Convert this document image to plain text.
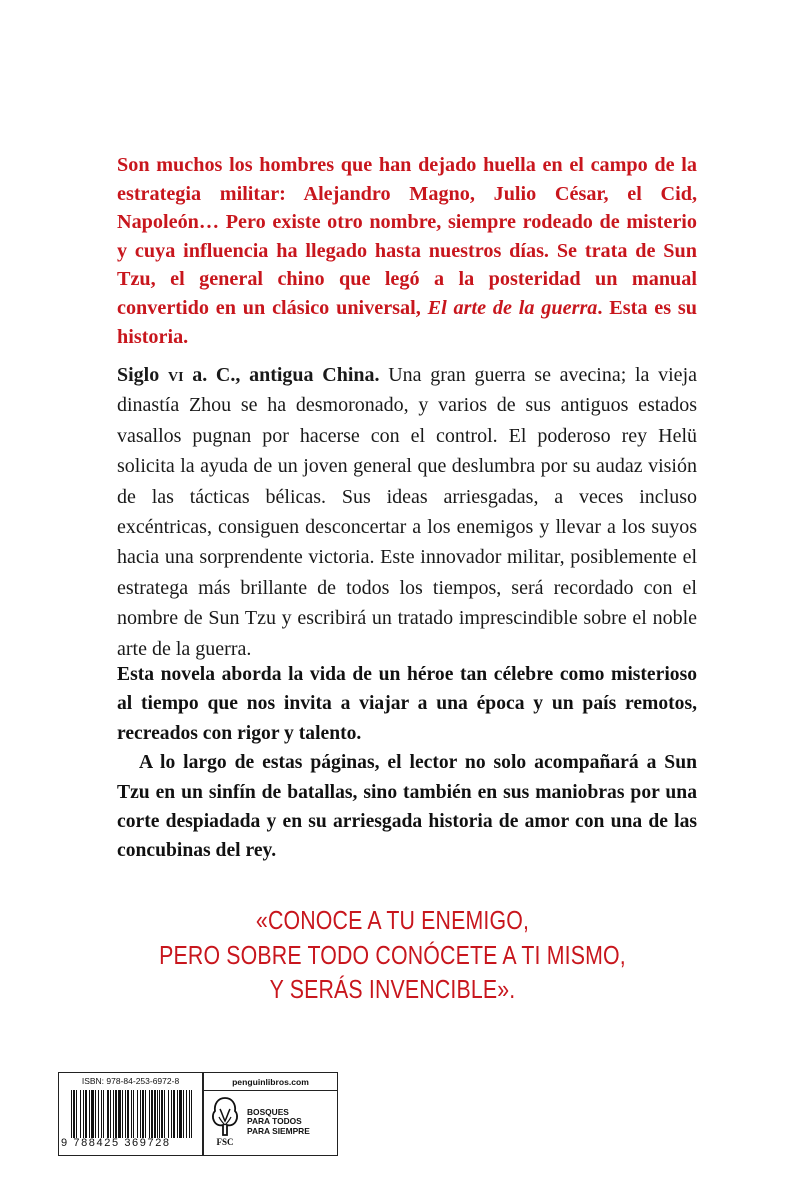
Son muchos los hombres que han dejado huella en el campo de la estrategia militar: Alejandro Magno, Julio César, el Cid, Napoleón… Pero existe otro nombre, siempre rodeado de misterio y cuya influencia ha llegado hasta nuestros días. Se trata de Sun Tzu, el general chino que legó a la posteridad un manual convertido en un clásico universal, El arte de la guerra. Esta es su historia.

Siglo vi a. C., antigua China. Una gran guerra se avecina; la vieja dinastía Zhou se ha desmoronado, y varios de sus antiguos estados vasallos pugnan por hacerse con el control. El poderoso rey Helü solicita la ayuda de un joven general que deslumbra por su audaz visión de las tácticas bélicas. Sus ideas arriesgadas, a veces incluso excéntricas, consiguen desconcertar a los enemigos y llevar a los suyos hacia una sorprendente victoria. Este innovador militar, posiblemente el estratega más brillante de todos los tiempos, será recordado con el nombre de Sun Tzu y escribirá un tratado imprescindible sobre el noble arte de la guerra.

Esta novela aborda la vida de un héroe tan célebre como misterioso al tiempo que nos invita a viajar a una época y un país remotos, recreados con rigor y talento.

A lo largo de estas páginas, el lector no solo acompañará a Sun Tzu en un sinfín de batallas, sino también en sus maniobras por una corte despiadada y en su arriesgada historia de amor con una de las concubinas del rey.

«CONOCE A TU ENEMIGO,
PERO SOBRE TODO CONÓCETE A TI MISMO,
Y SERÁS INVENCIBLE».

ISBN: 978-84-253-6972-8
9 788425 369728
penguinlibros.com
FSC
BOSQUES
PARA TODOS
PARA SIEMPRE
